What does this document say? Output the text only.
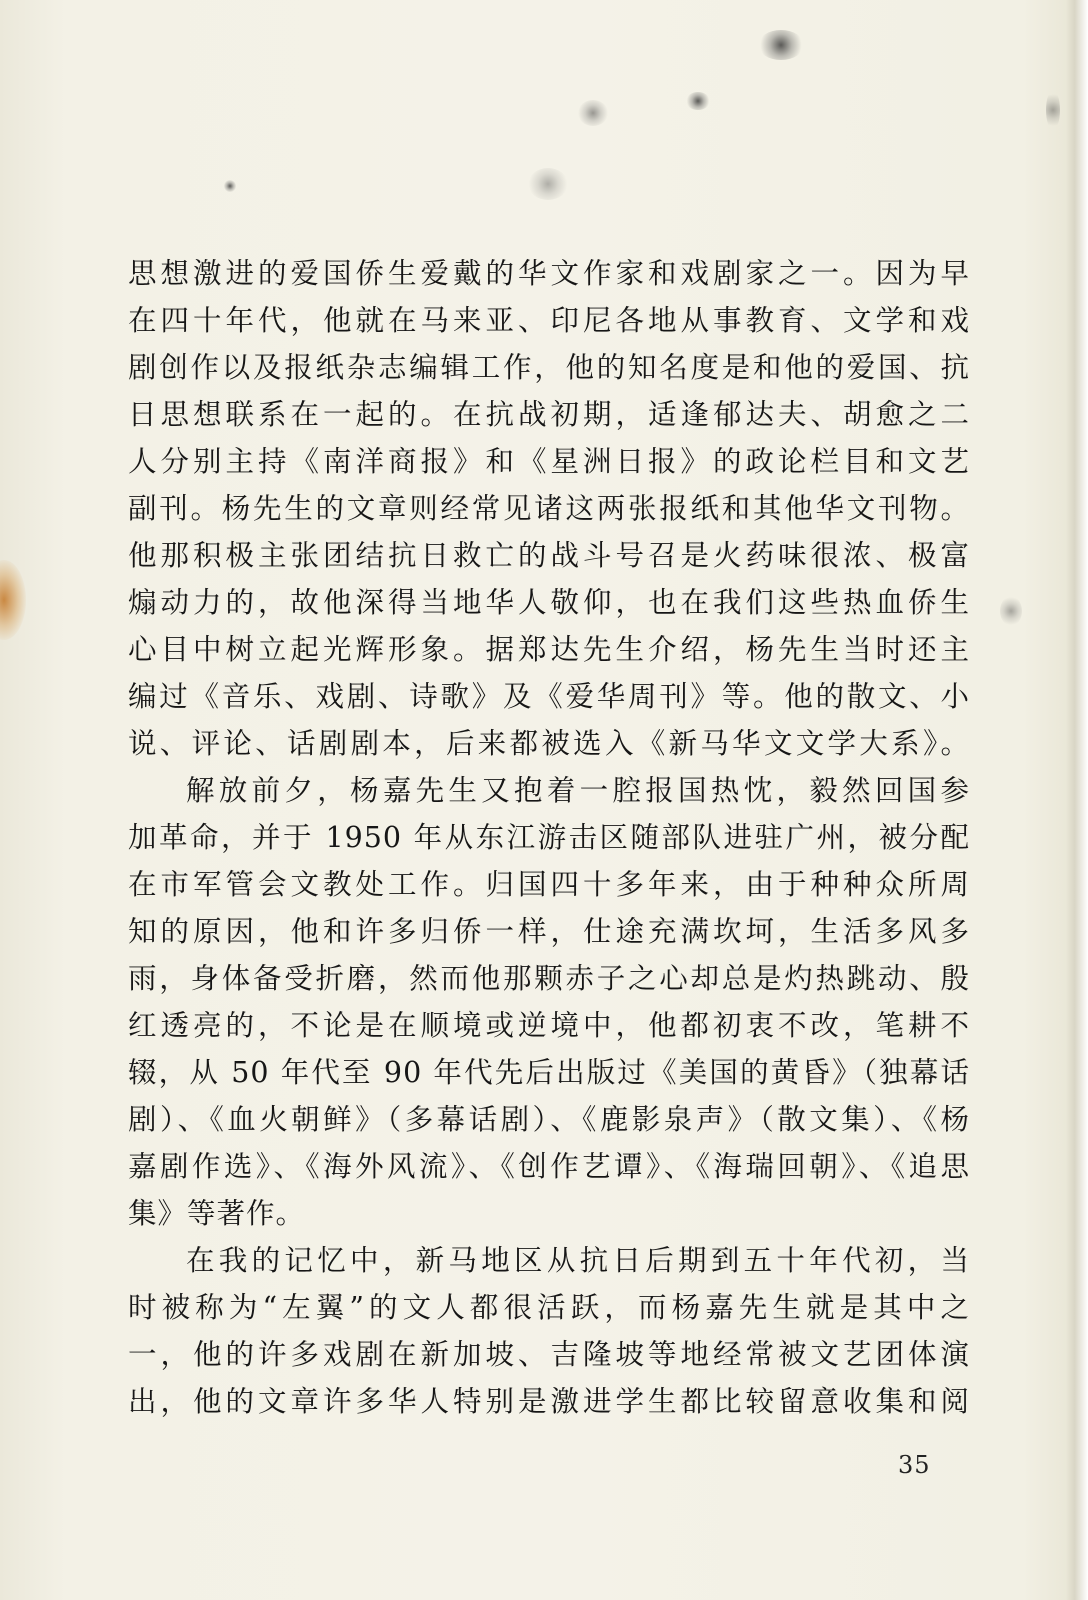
思想激进的爱国侨生爱戴的华文作家和戏剧家之一。因为早
在四十年代，他就在马来亚、印尼各地从事教育、文学和戏
剧创作以及报纸杂志编辑工作，他的知名度是和他的爱国、抗
日思想联系在一起的。在抗战初期，适逢郁达夫、胡愈之二
人分别主持《南洋商报》和《星洲日报》的政论栏目和文艺
副刊。杨先生的文章则经常见诸这两张报纸和其他华文刊物。
他那积极主张团结抗日救亡的战斗号召是火药味很浓、极富
煽动力的，故他深得当地华人敬仰，也在我们这些热血侨生
心目中树立起光辉形象。据郑达先生介绍，杨先生当时还主
编过《音乐、戏剧、诗歌》及《爱华周刊》等。他的散文、小
说、评论、话剧剧本，后来都被选入《新马华文文学大系》。
解放前夕，杨嘉先生又抱着一腔报国热忱，毅然回国参
加革命，并于 1950 年从东江游击区随部队进驻广州，被分配
在市军管会文教处工作。归国四十多年来，由于种种众所周
知的原因，他和许多归侨一样，仕途充满坎坷，生活多风多
雨，身体备受折磨，然而他那颗赤子之心却总是灼热跳动、殷
红透亮的，不论是在顺境或逆境中，他都初衷不改，笔耕不
辍，从 50 年代至 90 年代先后出版过《美国的黄昏》（独幕话
剧）、《血火朝鲜》（多幕话剧）、《鹿影泉声》（散文集）、《杨
嘉剧作选》、《海外风流》、《创作艺谭》、《海瑞回朝》、《追思
集》等著作。
在我的记忆中，新马地区从抗日后期到五十年代初，当
时被称为“左翼”的文人都很活跃，而杨嘉先生就是其中之
一，他的许多戏剧在新加坡、吉隆坡等地经常被文艺团体演
出，他的文章许多华人特别是激进学生都比较留意收集和阅
35
